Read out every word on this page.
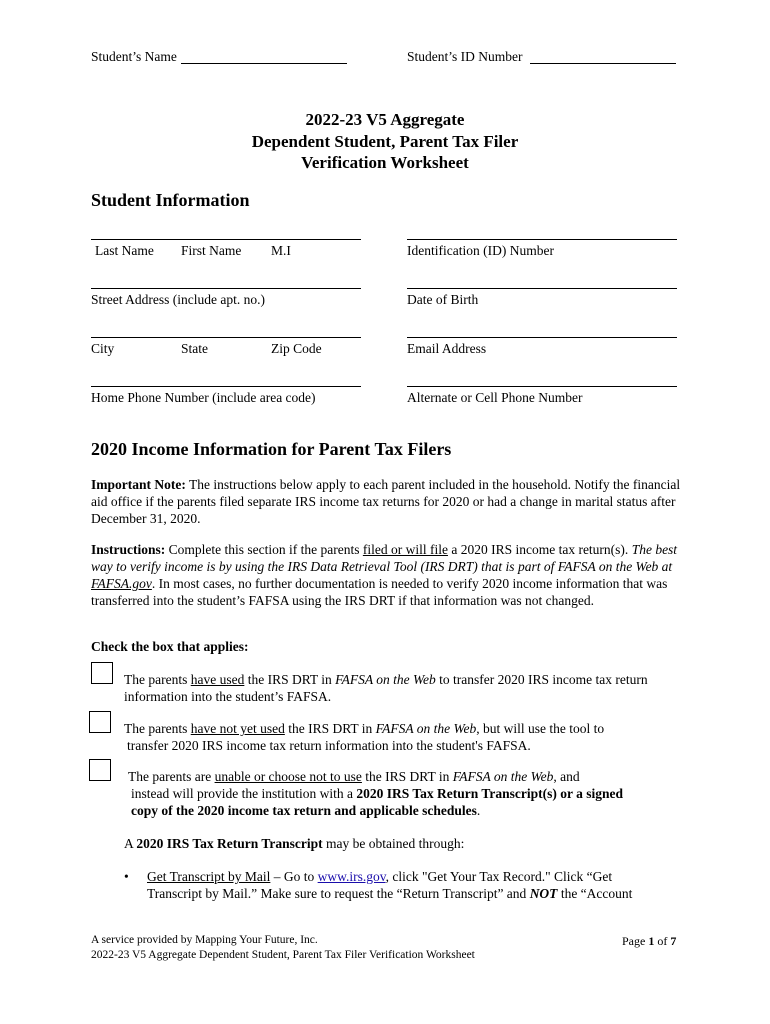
Student’s Name	Student’s ID Number
2022-23 V5 Aggregate
Dependent Student, Parent Tax Filer
Verification Worksheet
Student Information
Last Name First Name M.I	Identification (ID) Number
Street Address (include apt. no.)	Date of Birth
City	State	Zip Code	Email Address
Home Phone Number (include area code)	Alternate or Cell Phone Number
2020 Income Information for Parent Tax Filers
Important Note: The instructions below apply to each parent included in the household. Notify the financial aid office if the parents filed separate IRS income tax returns for 2020 or had a change in marital status after December 31, 2020.
Instructions: Complete this section if the parents filed or will file a 2020 IRS income tax return(s). The best way to verify income is by using the IRS Data Retrieval Tool (IRS DRT) that is part of FAFSA on the Web at FAFSA.gov. In most cases, no further documentation is needed to verify 2020 income information that was transferred into the student’s FAFSA using the IRS DRT if that information was not changed.
Check the box that applies:
The parents have used the IRS DRT in FAFSA on the Web to transfer 2020 IRS income tax return
information into the student’s FAFSA.
The parents have not yet used the IRS DRT in FAFSA on the Web, but will use the tool to
transfer 2020 IRS income tax return information into the student's FAFSA.
The parents are unable or choose not to use the IRS DRT in FAFSA on the Web, and
instead will provide the institution with a 2020 IRS Tax Return Transcript(s) or a signed
copy of the 2020 income tax return and applicable schedules.
A 2020 IRS Tax Return Transcript may be obtained through:
• Get Transcript by Mail – Go to www.irs.gov, click "Get Your Tax Record." Click “Get
Transcript by Mail.” Make sure to request the “Return Transcript” and NOT the “Account
A service provided by Mapping Your Future, Inc.
2022-23 V5 Aggregate Dependent Student, Parent Tax Filer Verification Worksheet
Page 1 of 7
